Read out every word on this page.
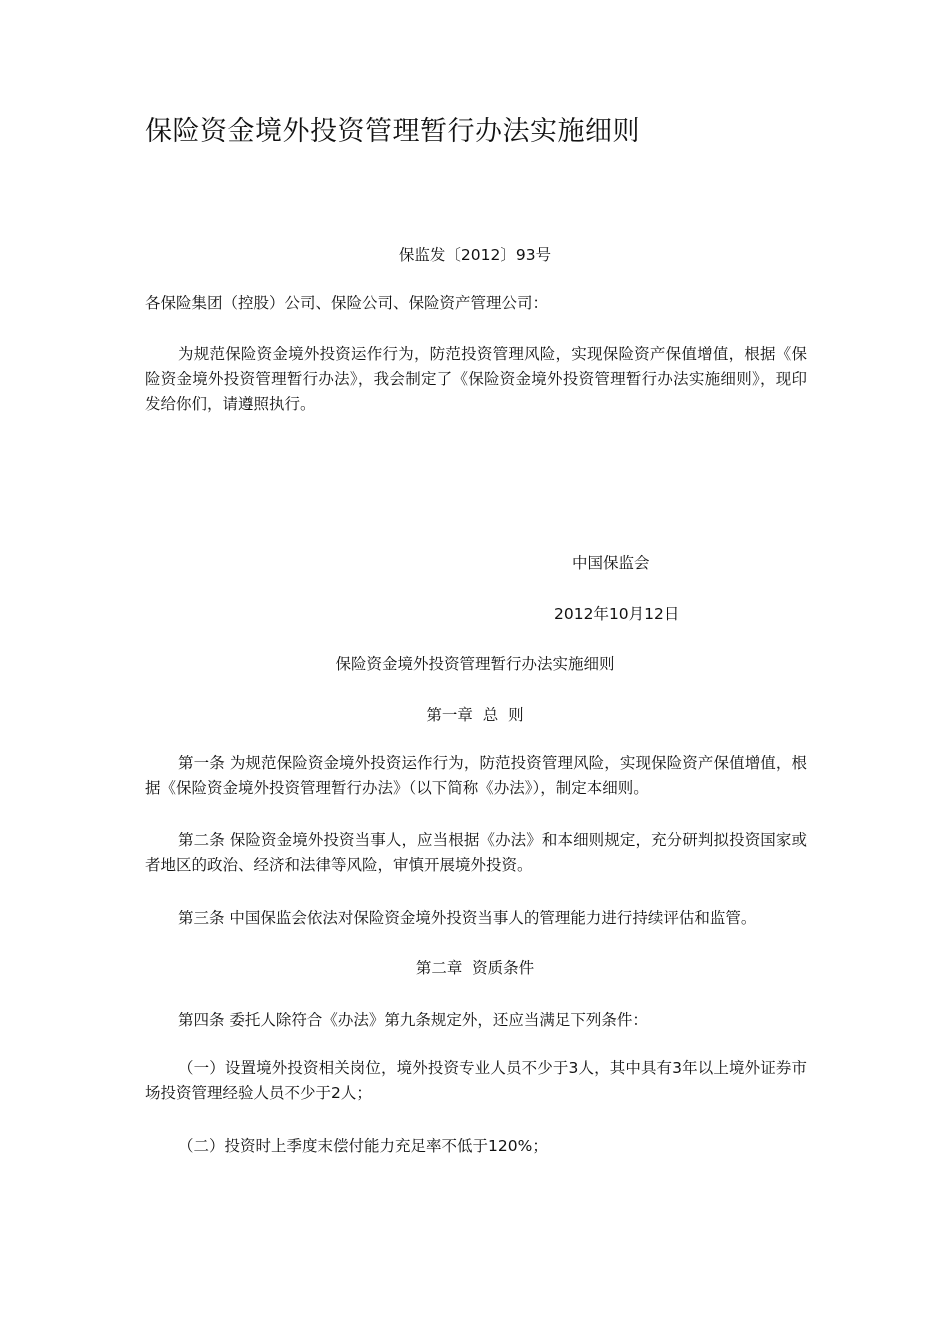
保险资金境外投资管理暂行办法实施细则

保监发〔2012〕93号

各保险集团（控股）公司、保险公司、保险资产管理公司：

为规范保险资金境外投资运作行为，防范投资管理风险，实现保险资产保值增值，根据《保险资金境外投资管理暂行办法》，我会制定了《保险资金境外投资管理暂行办法实施细则》，现印发给你们，请遵照执行。

中国保监会

2012年10月12日

保险资金境外投资管理暂行办法实施细则

第一章  总  则

第一条 为规范保险资金境外投资运作行为，防范投资管理风险，实现保险资产保值增值，根据《保险资金境外投资管理暂行办法》（以下简称《办法》），制定本细则。

第二条 保险资金境外投资当事人，应当根据《办法》和本细则规定，充分研判拟投资国家或者地区的政治、经济和法律等风险，审慎开展境外投资。

第三条 中国保监会依法对保险资金境外投资当事人的管理能力进行持续评估和监管。

第二章  资质条件

第四条 委托人除符合《办法》第九条规定外，还应当满足下列条件：

（一）设置境外投资相关岗位，境外投资专业人员不少于3人，其中具有3年以上境外证券市场投资管理经验人员不少于2人；

（二）投资时上季度末偿付能力充足率不低于120%；
